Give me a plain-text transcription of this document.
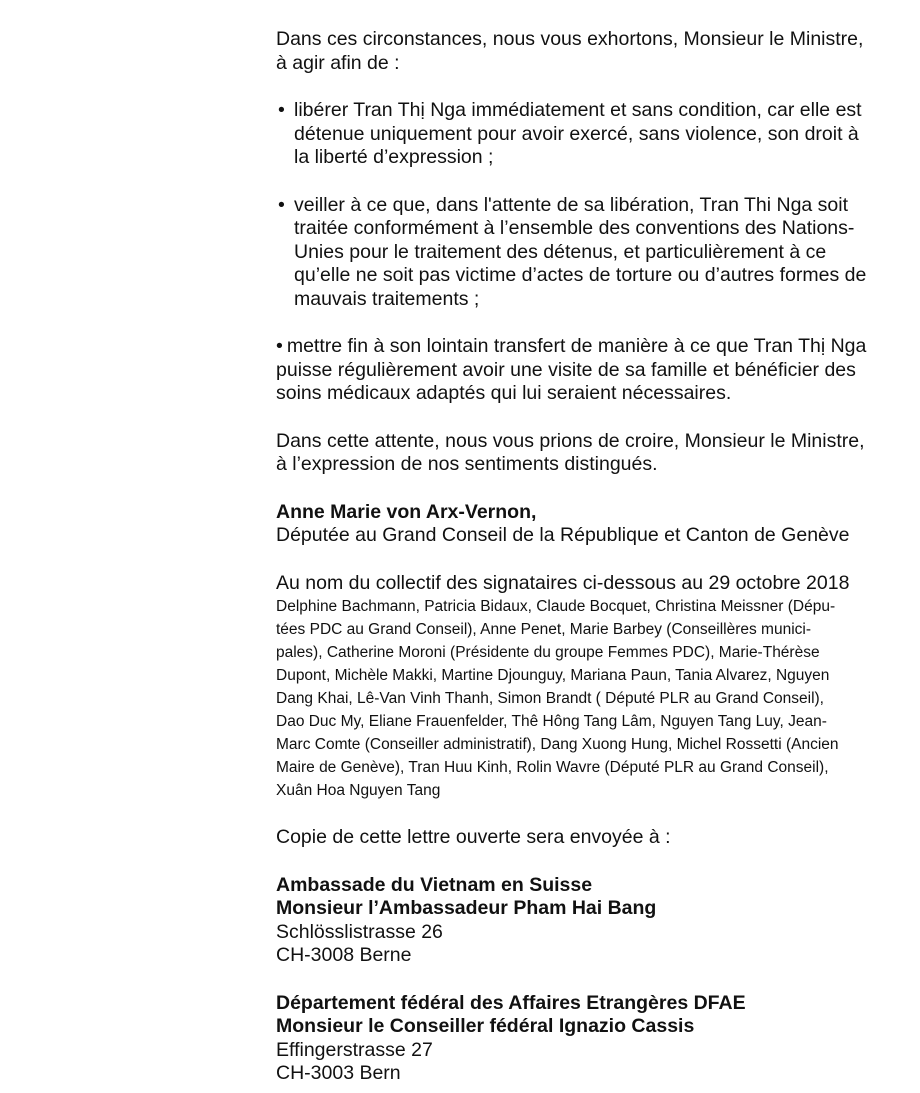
Dans ces circonstances, nous vous exhortons, Monsieur le Ministre,
à agir afin de :

• libérer Tran Thị Nga immédiatement et sans condition, car elle est
détenue uniquement pour avoir exercé, sans violence, son droit à
la liberté d’expression ;
• veiller à ce que, dans l'attente de sa libération, Tran Thi Nga soit
traitée conformément à l’ensemble des conventions des Nations-
Unies pour le traitement des détenus, et particulièrement à ce
qu’elle ne soit pas victime d’actes de torture ou d’autres formes de
mauvais traitements ;
• mettre fin à son lointain transfert de manière à ce que Tran Thị Nga
puisse régulièrement avoir une visite de sa famille et bénéficier des
soins médicaux adaptés qui lui seraient nécessaires.

Dans cette attente, nous vous prions de croire, Monsieur le Ministre,
à l’expression de nos sentiments distingués.

Anne Marie von Arx-Vernon,
Députée au Grand Conseil de la République et Canton de Genève

Au nom du collectif des signataires ci-dessous au 29 octobre 2018
Delphine Bachmann, Patricia Bidaux, Claude Bocquet, Christina Meissner (Dépu-
tées PDC au Grand Conseil), Anne Penet, Marie Barbey (Conseillères munici-
pales), Catherine Moroni (Présidente du groupe Femmes PDC), Marie-Thérèse
Dupont, Michèle Makki, Martine Djounguy, Mariana Paun, Tania Alvarez, Nguyen
Dang Khai, Lê-Van Vinh Thanh, Simon Brandt ( Député PLR au Grand Conseil),
Dao Duc My, Eliane Frauenfelder, Thê Hông Tang Lâm, Nguyen Tang Luy, Jean-
Marc Comte (Conseiller administratif), Dang Xuong Hung, Michel Rossetti (Ancien
Maire de Genève), Tran Huu Kinh, Rolin Wavre (Député PLR au Grand Conseil),
Xuân Hoa Nguyen Tang

Copie de cette lettre ouverte sera envoyée à :

Ambassade du Vietnam en Suisse
Monsieur l’Ambassadeur Pham Hai Bang
Schlösslistrasse 26
CH-3008 Berne

Département fédéral des Affaires Etrangères DFAE
Monsieur le Conseiller fédéral Ignazio Cassis
Effingerstrasse 27
CH-3003 Bern
